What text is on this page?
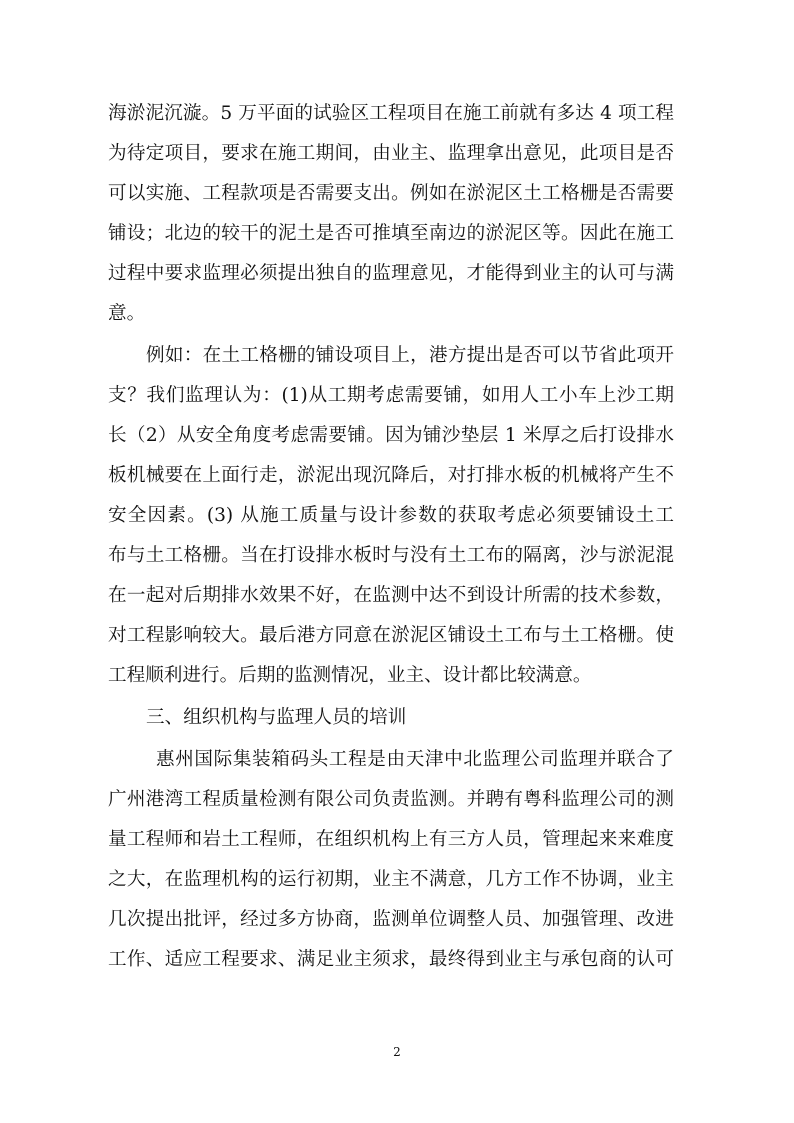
海淤泥沉漩。5 万平面的试验区工程项目在施工前就有多达 4 项工程
为待定项目，要求在施工期间，由业主、监理拿出意见，此项目是否
可以实施、工程款项是否需要支出。例如在淤泥区土工格栅是否需要
铺设；北边的较干的泥土是否可推填至南边的淤泥区等。因此在施工
过程中要求监理必须提出独自的监理意见，才能得到业主的认可与满
意。
例如：在土工格栅的铺设项目上，港方提出是否可以节省此项开
支？我们监理认为：(1)从工期考虑需要铺，如用人工小车上沙工期
长（2）从安全角度考虑需要铺。因为铺沙垫层 1 米厚之后打设排水
板机械要在上面行走，淤泥出现沉降后，对打排水板的机械将产生不
安全因素。(3) 从施工质量与设计参数的获取考虑必须要铺设土工
布与土工格栅。当在打设排水板时与没有土工布的隔离，沙与淤泥混
在一起对后期排水效果不好，在监测中达不到设计所需的技术参数，
对工程影响较大。最后港方同意在淤泥区铺设土工布与土工格栅。使
工程顺利进行。后期的监测情况，业主、设计都比较满意。
三、组织机构与监理人员的培训
惠州国际集装箱码头工程是由天津中北监理公司监理并联合了
广州港湾工程质量检测有限公司负责监测。并聘有粤科监理公司的测
量工程师和岩土工程师，在组织机构上有三方人员，管理起来来难度
之大，在监理机构的运行初期，业主不满意，几方工作不协调，业主
几次提出批评，经过多方协商，监测单位调整人员、加强管理、改进
工作、适应工程要求、满足业主须求，最终得到业主与承包商的认可
2
